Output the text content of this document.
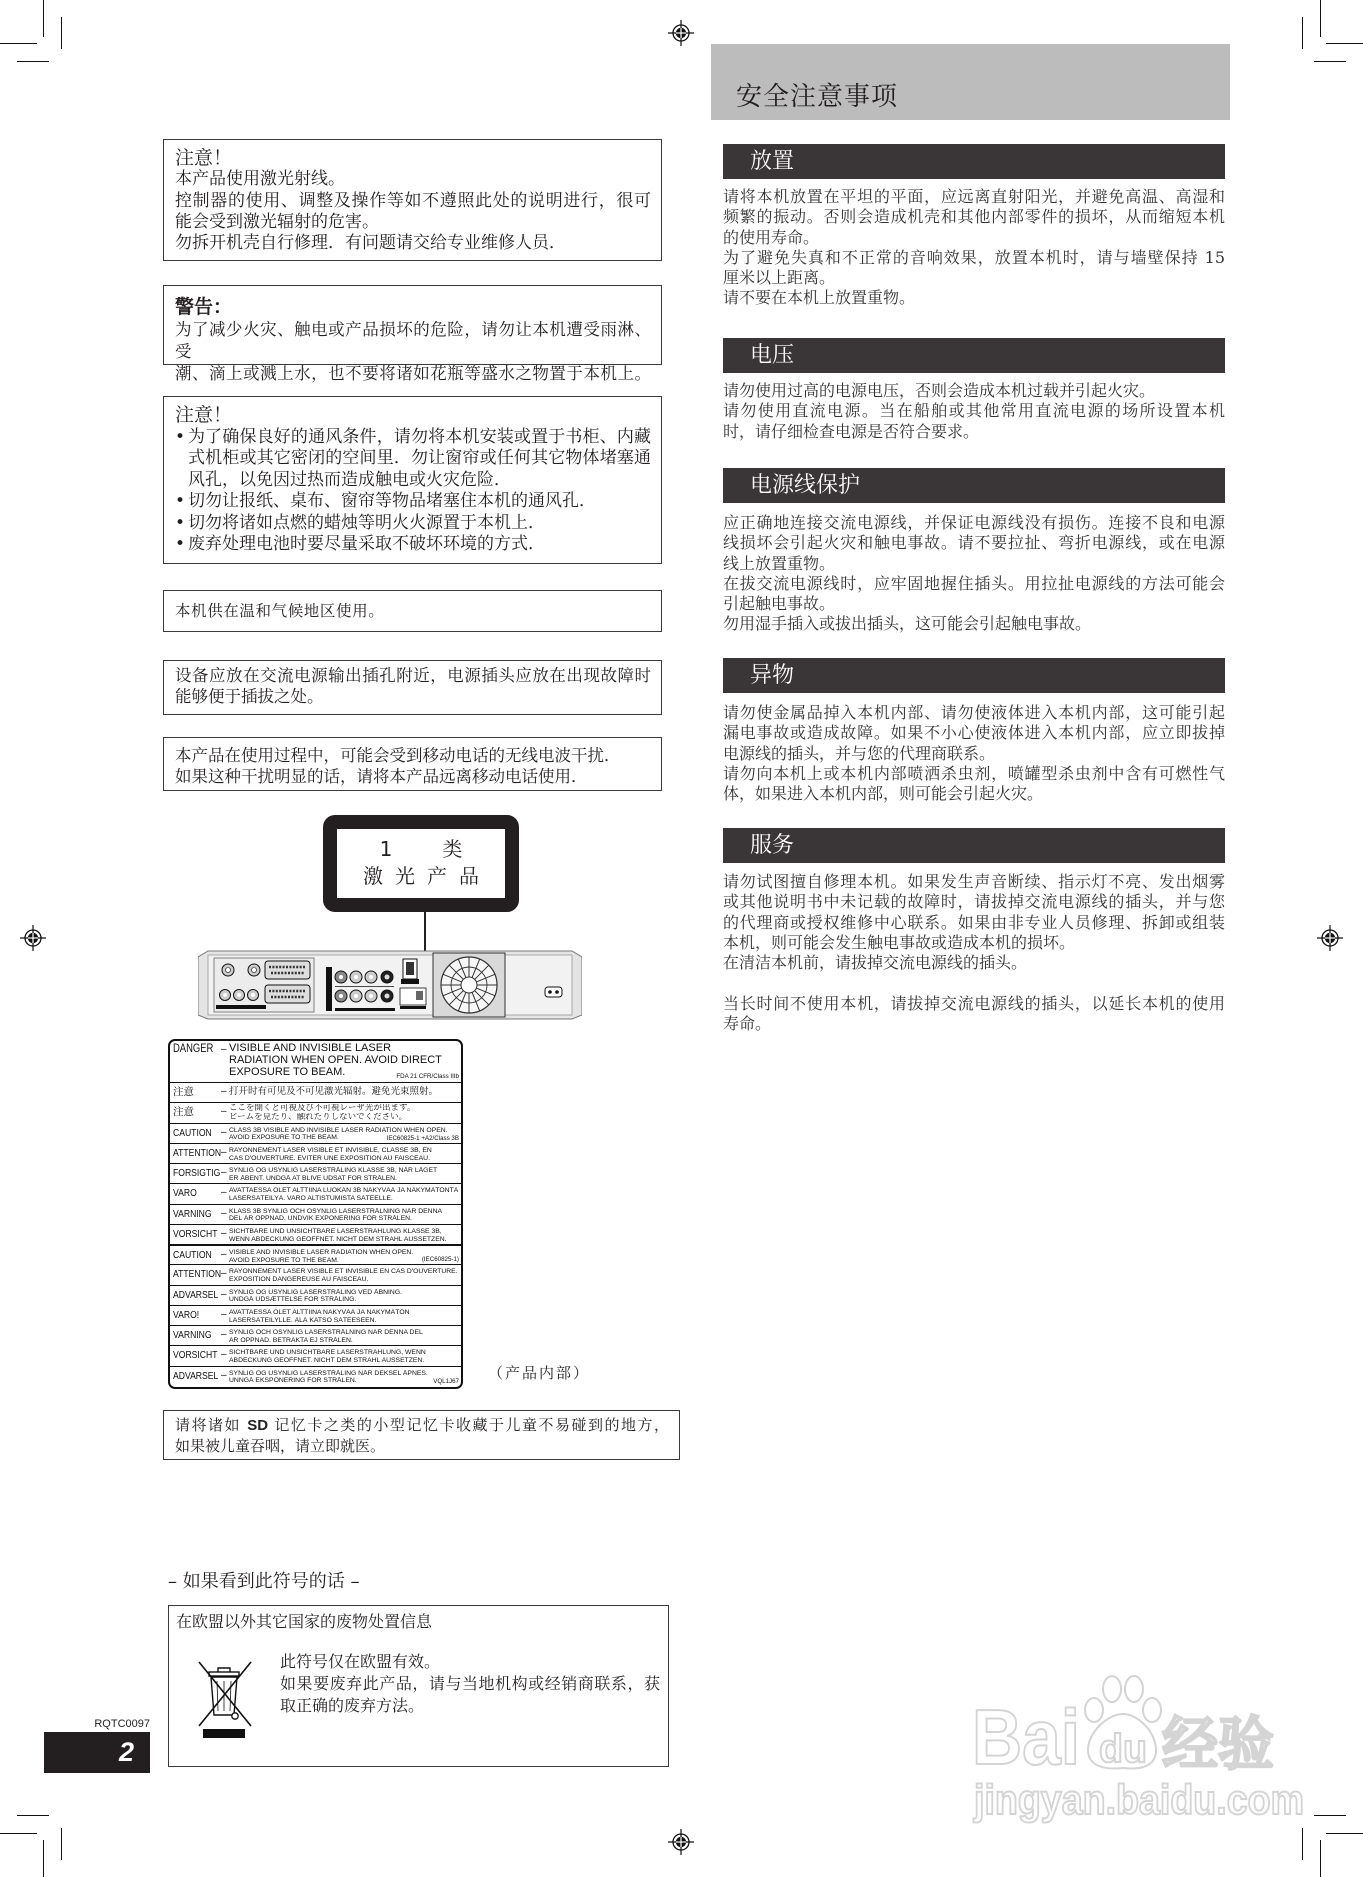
注意！
本产品使用激光射线。
控制器的使用、调整及操作等如不遵照此处的说明进行，很可
能会受到激光辐射的危害。
勿拆开机壳自行修理．有问题请交给专业维修人员．
警告：
为了减少火灾、触电或产品损坏的危险，请勿让本机遭受雨淋、受
潮、滴上或溅上水，也不要将诸如花瓶等盛水之物置于本机上。
注意！
• 为了确保良好的通风条件，请勿将本机安装或置于书柜、内藏
式机柜或其它密闭的空间里．勿让窗帘或任何其它物体堵塞通
风孔，以免因过热而造成触电或火灾危险．
• 切勿让报纸、桌布、窗帘等物品堵塞住本机的通风孔．
• 切勿将诸如点燃的蜡烛等明火火源置于本机上．
• 废弃处理电池时要尽量采取不破坏环境的方式．
本机供在温和气候地区使用。
设备应放在交流电源输出插孔附近，电源插头应放在出现故障时
能够便于插拔之处。
本产品在使用过程中，可能会受到移动电话的无线电波干扰．
如果这种干扰明显的话，请将本产品远离移动电话使用．
1	类
激光产品
DANGER – VISIBLE AND INVISIBLE LASER
RADIATION WHEN OPEN. AVOID DIRECT
EXPOSURE TO BEAM.	FDA 21 CFR/Class IIIb
注意	– 打开时有可见及不可见激光辐射。避免光束照射。
注意	– ここを開くと可視及び不可視レーザ光が出ます。
ビームを見たり、触れたりしないでください。
CAUTION – CLASS 3B VISIBLE AND INVISIBLE LASER RADIATION WHEN OPEN.
AVOID EXPOSURE TO THE BEAM.	IEC60825-1 +A2/Class 3B
ATTENTION – RAYONNEMENT LASER VISIBLE ET INVISIBLE, CLASSE 3B, EN
CAS D'OUVERTURE. ÉVITER UNE EXPOSITION AU FAISCEAU.
FORSIGTIG – SYNLIG OG USYNLIG LASERSTRÅLING KLASSE 3B, NÅR LÅGET
ER ÅBENT. UNDGÅ AT BLIVE UDSAT FOR STRÅLEN.
VARO – AVATTAESSA OLET ALTTIINA LUOKAN 3B NÄKYVÄÄ JA NÄKYMÄTÖNTÄ
LASERSÄTEILYÄ. VARO ALTISTUMISTA SÄTEELLE.
VARNING – KLASS 3B SYNLIG OCH OSYNLIG LASERSTRÅLNING NÄR DENNA
DEL ÄR ÖPPNAD. UNDVIK EXPONERING FÖR STRÅLEN.
VORSICHT – SICHTBARE UND UNSICHTBARE LASERSTRAHLUNG KLASSE 3B,
WENN ABDECKUNG GEÖFFNET. NICHT DEM STRAHL AUSSETZEN.
CAUTION – VISIBLE AND INVISIBLE LASER RADIATION WHEN OPEN.
AVOID EXPOSURE TO THE BEAM.	(IEC60825-1)
ATTENTION – RAYONNEMENT LASER VISIBLE ET INVISIBLE EN CAS D'OUVERTURE.
EXPOSITION DANGEREUSE AU FAISCEAU.
ADVARSEL – SYNLIG OG USYNLIG LASERSTRÅLING VED ÅBNING.
UNDGÅ UDSÆTTELSE FOR STRÅLING.
VARO! – AVATTAESSA OLET ALTTIINA NÄKYVÄÄ JA NÄKYMÄTÖN
LASERSÄTEILYLLE. ÄLÄ KATSO SÄTEESEEN.
VARNING – SYNLIG OCH OSYNLIG LASERSTRÅLNING NÄR DENNA DEL
ÄR ÖPPNAD. BETRAKTA EJ STRÅLEN.
VORSICHT – SICHTBARE UND UNSICHTBARE LASERSTRAHLUNG, WENN
ABDECKUNG GEÖFFNET. NICHT DEM STRAHL AUSSETZEN.
ADVARSEL – SYNLIG OG USYNLIG LASERSTRÅLING NÅR DEKSEL ÅPNES.
UNNGÅ EKSPONERING FOR STRÅLEN.	VQL1J67 （产品内部）
请将诸如 SD 记忆卡之类的小型记忆卡收藏于儿童不易碰到的地方，
如果被儿童吞咽，请立即就医。
– 如果看到此符号的话 –
在欧盟以外其它国家的废物处置信息
此符号仅在欧盟有效。
如果要废弃此产品，请与当地机构或经销商联系，获
取正确的废弃方法。
RQTC0097
2
安全注意事项
放置
请将本机放置在平坦的平面，应远离直射阳光，并避免高温、高湿和
频繁的振动。否则会造成机壳和其他内部零件的损坏，从而缩短本机
的使用寿命。
为了避免失真和不正常的音响效果，放置本机时，请与墙壁保持 15
厘米以上距离。
请不要在本机上放置重物。
电压
请勿使用过高的电源电压，否则会造成本机过载并引起火灾。
请勿使用直流电源。当在船舶或其他常用直流电源的场所设置本机
时，请仔细检查电源是否符合要求。
电源线保护
应正确地连接交流电源线，并保证电源线没有损伤。连接不良和电源
线损坏会引起火灾和触电事故。请不要拉扯、弯折电源线，或在电源
线上放置重物。
在拔交流电源线时，应牢固地握住插头。用拉扯电源线的方法可能会
引起触电事故。
勿用湿手插入或拔出插头，这可能会引起触电事故。
异物
请勿使金属品掉入本机内部、请勿使液体进入本机内部，这可能引起
漏电事故或造成故障。如果不小心使液体进入本机内部，应立即拔掉
电源线的插头，并与您的代理商联系。
请勿向本机上或本机内部喷洒杀虫剂，喷罐型杀虫剂中含有可燃性气
体，如果进入本机内部，则可能会引起火灾。
服务
请勿试图擅自修理本机。如果发生声音断续、指示灯不亮、发出烟雾
或其他说明书中未记载的故障时，请拔掉交流电源线的插头，并与您
的代理商或授权维修中心联系。如果由非专业人员修理、拆卸或组装
本机，则可能会发生触电事故或造成本机的损坏。
在清洁本机前，请拔掉交流电源线的插头。
当长时间不使用本机，请拔掉交流电源线的插头，以延长本机的使用
寿命。
Bai du 经验
jingyan.baidu.com
